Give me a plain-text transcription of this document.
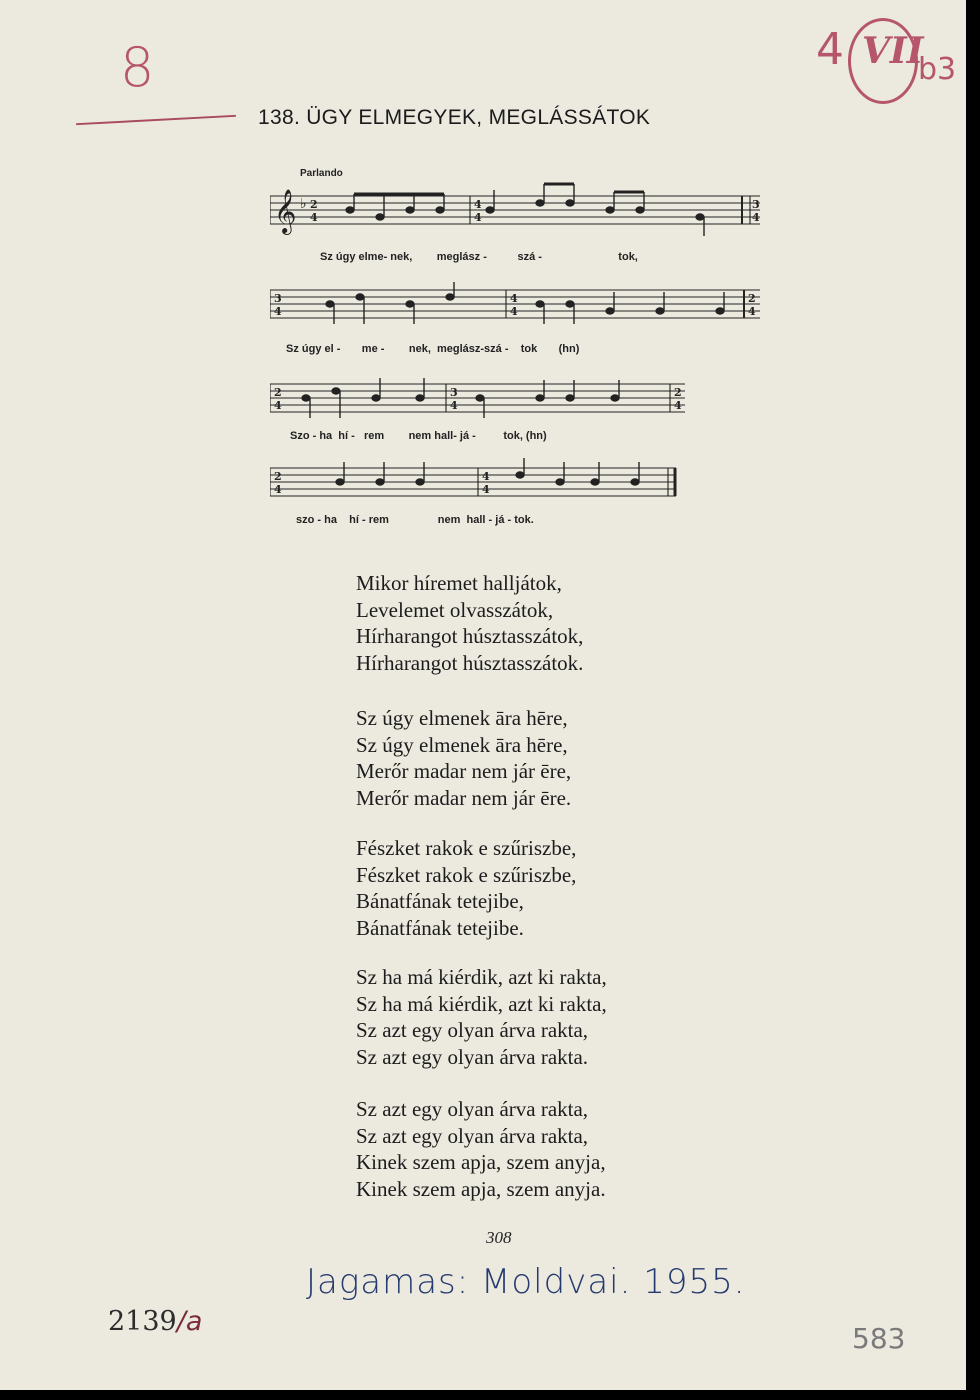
8	4 VII
b3
138. ÜGY ELMEGYEK, MEGLÁSSÁTOK
Parlando
𝄞 ♭ 2
4
4
4
3
4
Sz úgy elme- nek,        meglász -          szá -                         tok,
3
4
4
4
2
4
Sz úgy el -       me -        nek,  meglász-szá -    tok       (hn)
2
4
3
4
2
4
Szo - ha  hí -   rem        nem hall- já -         tok, (hn)
2
4
4
4
szo - ha    hí - rem                nem  hall - já - tok.
Mikor híremet halljátok,
Levelemet olvasszátok,
Hírharangot húsztasszátok,
Hírharangot húsztasszátok.
Sz úgy elmenek āra hēre,
Sz úgy elmenek āra hēre,
Merőr madar nem jár ēre,
Merőr madar nem jár ēre.
Fészket rakok e szűriszbe,
Fészket rakok e szűriszbe,
Bánatfának tetejibe,
Bánatfának tetejibe.
Sz ha má kiérdik, azt ki rakta,
Sz ha má kiérdik, azt ki rakta,
Sz azt egy olyan árva rakta,
Sz azt egy olyan árva rakta.
Sz azt egy olyan árva rakta,
Sz azt egy olyan árva rakta,
Kinek szem apja, szem anyja,
Kinek szem apja, szem anyja.
308
Jagamas: Moldvai. 1955.
2139/a
583
